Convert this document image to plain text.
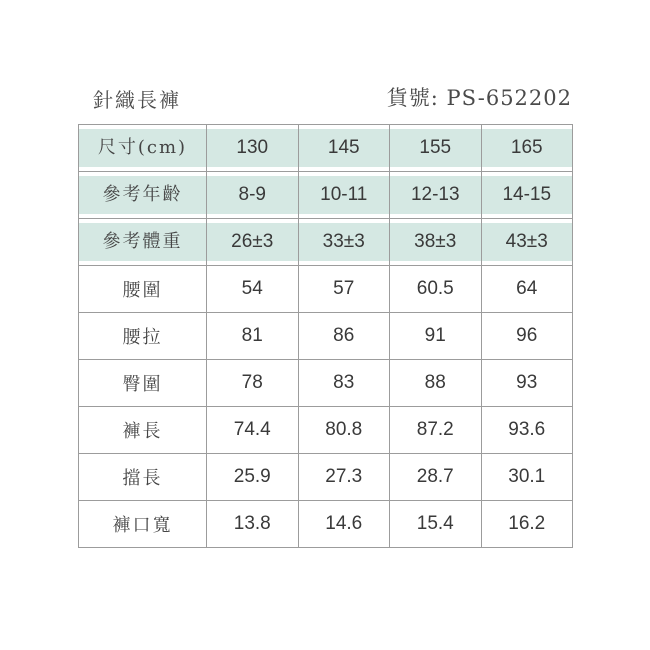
針織長褲	貨號: PS-652202
尺寸(cm)	130	145	155	165

參考年齡	8-9	10-11	12-13	14-15

參考體重	26±3	33±3	38±3	43±3

腰圍	54	57	60.5	64
腰拉	81	86	91	96
臀圍	78	83	88	93
褲長	74.4	80.8	87.2	93.6
擋長	25.9	27.3	28.7	30.1
褲口寬	13.8	14.6	15.4	16.2
